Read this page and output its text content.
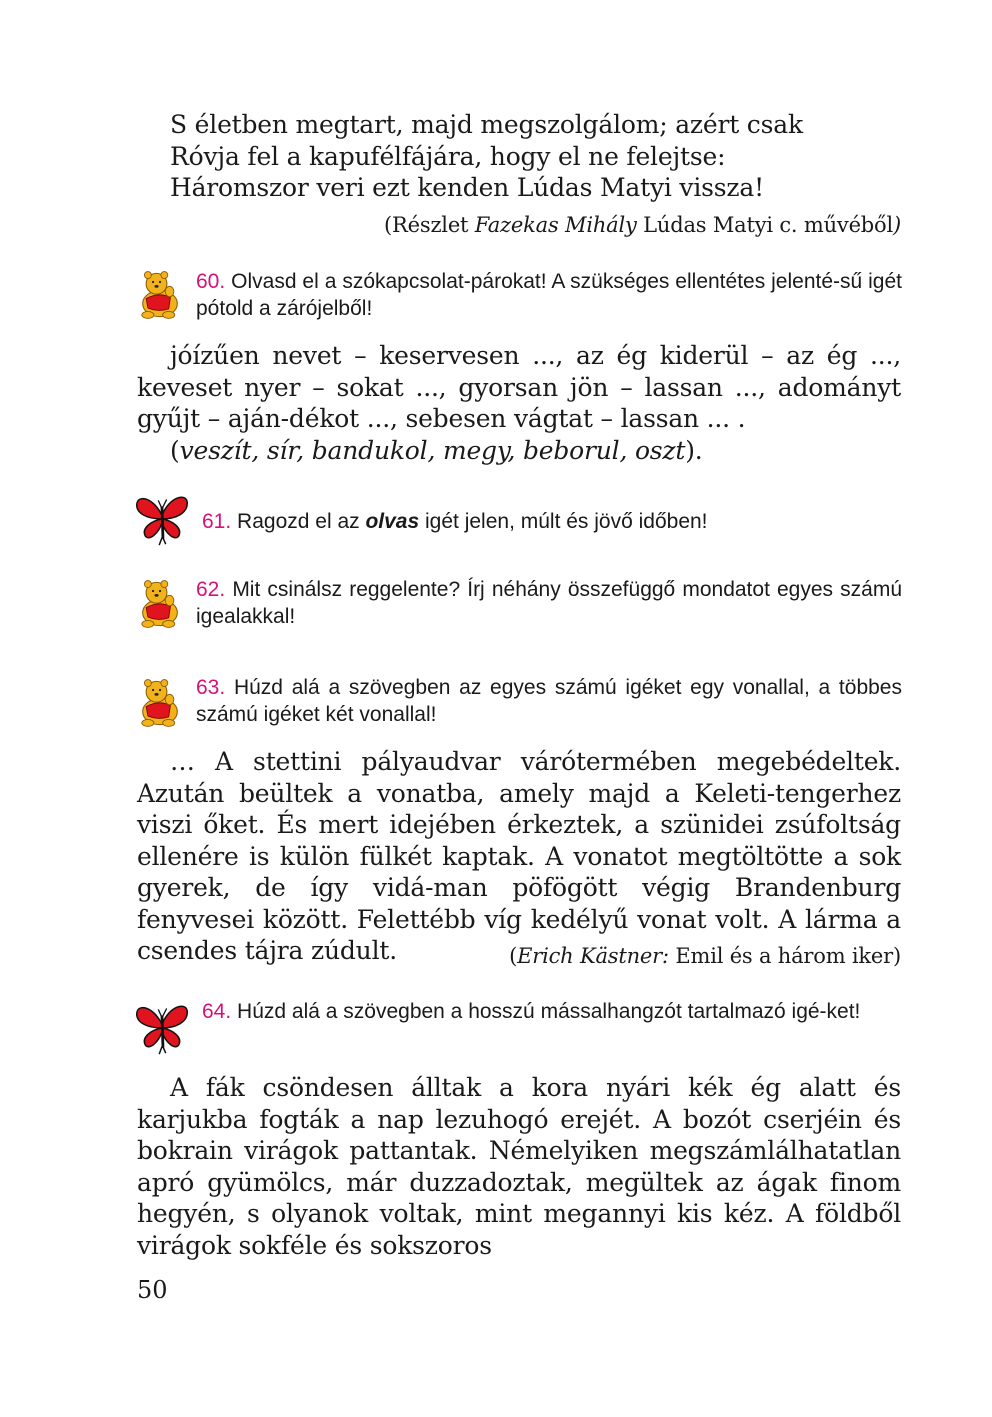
S életben megtart, majd megszolgálom; azért csak
Róvja fel a kapufélfájára, hogy el ne felejtse:
Háromszor veri ezt kenden Lúdas Matyi vissza!
(Részlet Fazekas Mihály Lúdas Matyi c. művéből)
60. Olvasd el a szókapcsolat-párokat! A szükséges ellentétes jelenté-sű igét pótold a zárójelből!
jóízűen nevet – keservesen ..., az ég kiderül – az ég ..., keveset nyer – sokat ..., gyorsan jön – lassan ..., adományt gyűjt – aján-dékot ..., sebesen vágtat – lassan ... .
(veszít, sír, bandukol, megy, beborul, oszt).
61. Ragozd el az olvas igét jelen, múlt és jövő időben!
62. Mit csinálsz reggelente? Írj néhány összefüggő mondatot egyes számú igealakkal!
63. Húzd alá a szövegben az egyes számú igéket egy vonallal, a többes számú igéket két vonallal!
… A stettini pályaudvar várótermében megebédeltek. Azután beültek a vonatba, amely majd a Keleti-tengerhez viszi őket. És mert idejében érkeztek, a szünidei zsúfoltság ellenére is külön fülkét kaptak. A vonatot megtöltötte a sok gyerek, de így vidá-man pöfögött végig Brandenburg fenyvesei között. Felettébb víg kedélyű vonat volt. A lárma a csendes tájra zúdult.	(Erich Kästner: Emil és a három iker)
64. Húzd alá a szövegben a hosszú mássalhangzót tartalmazó igé-ket!
A fák csöndesen álltak a kora nyári kék ég alatt és karjukba fogták a nap lezuhogó erejét. A bozót cserjéin és bokrain virágok pattantak. Némelyiken megszámlálhatatlan apró gyümölcs, már duzzadoztak, megültek az ágak finom hegyén, s olyanok voltak, mint megannyi kis kéz. A földből virágok sokféle és sokszoros
50
